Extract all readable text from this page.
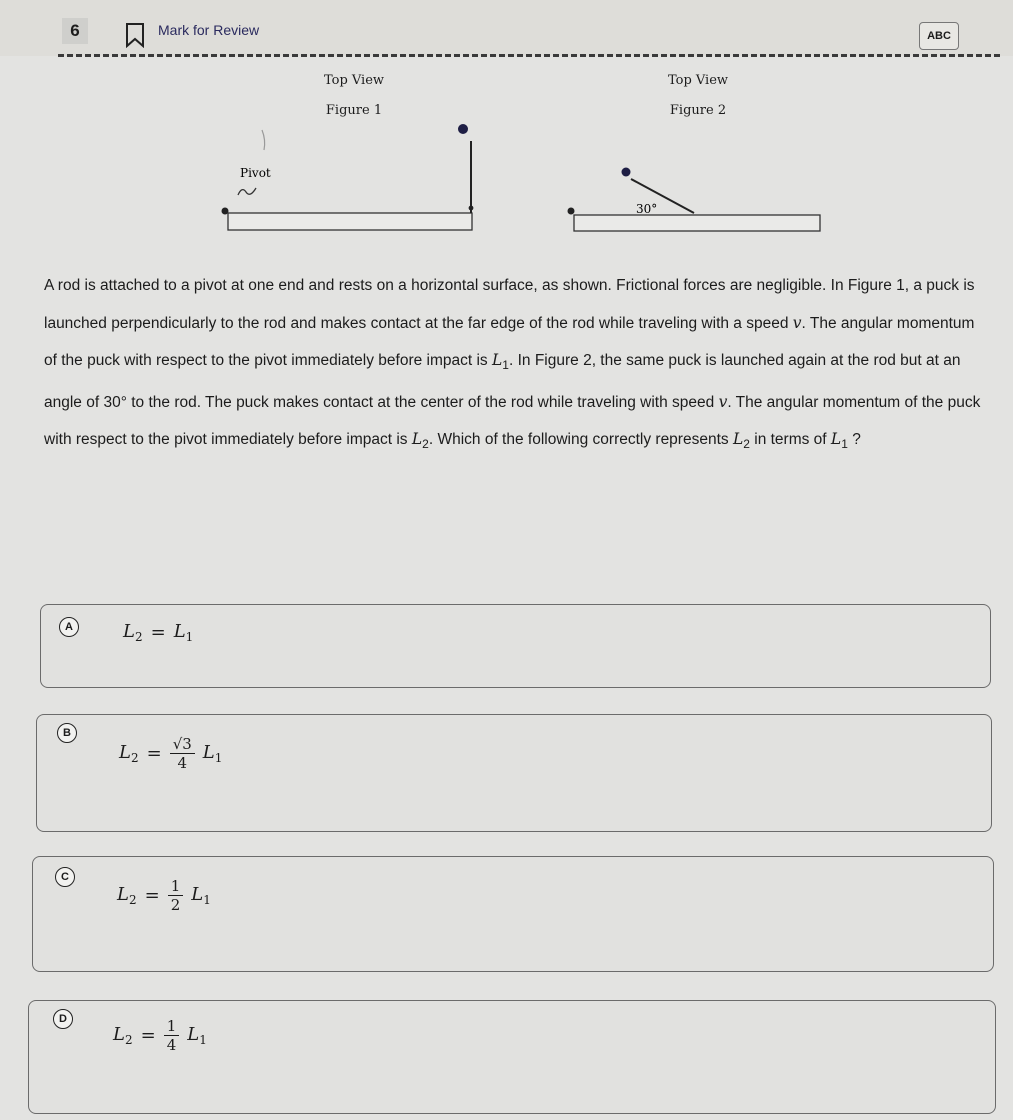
6	Mark for Review	ABC
Top View
Figure 1
Top View
Figure 2
Pivot
30°
A rod is attached to a pivot at one end and rests on a horizontal surface, as shown. Frictional forces are negligible. In Figure 1, a puck is launched perpendicularly to the rod and makes contact at the far edge of the rod while traveling with a speed v. The angular momentum of the puck with respect to the pivot immediately before impact is $L_1$. In Figure 2, the same puck is launched again at the rod but at an angle of 30° to the rod. The puck makes contact at the center of the rod while traveling with speed v. The angular momentum of the puck with respect to the pivot immediately before impact is $L_2$. Which of the following correctly represents $L_2$ in terms of $L_1$ ?
A	$L_2 = L_1$
B
$L_2 = \frac{√3}{4} L_1$
C
$L_2 = \frac{1}{2} L_1$
D
$L_2 = \frac{1}{4} L_1$
